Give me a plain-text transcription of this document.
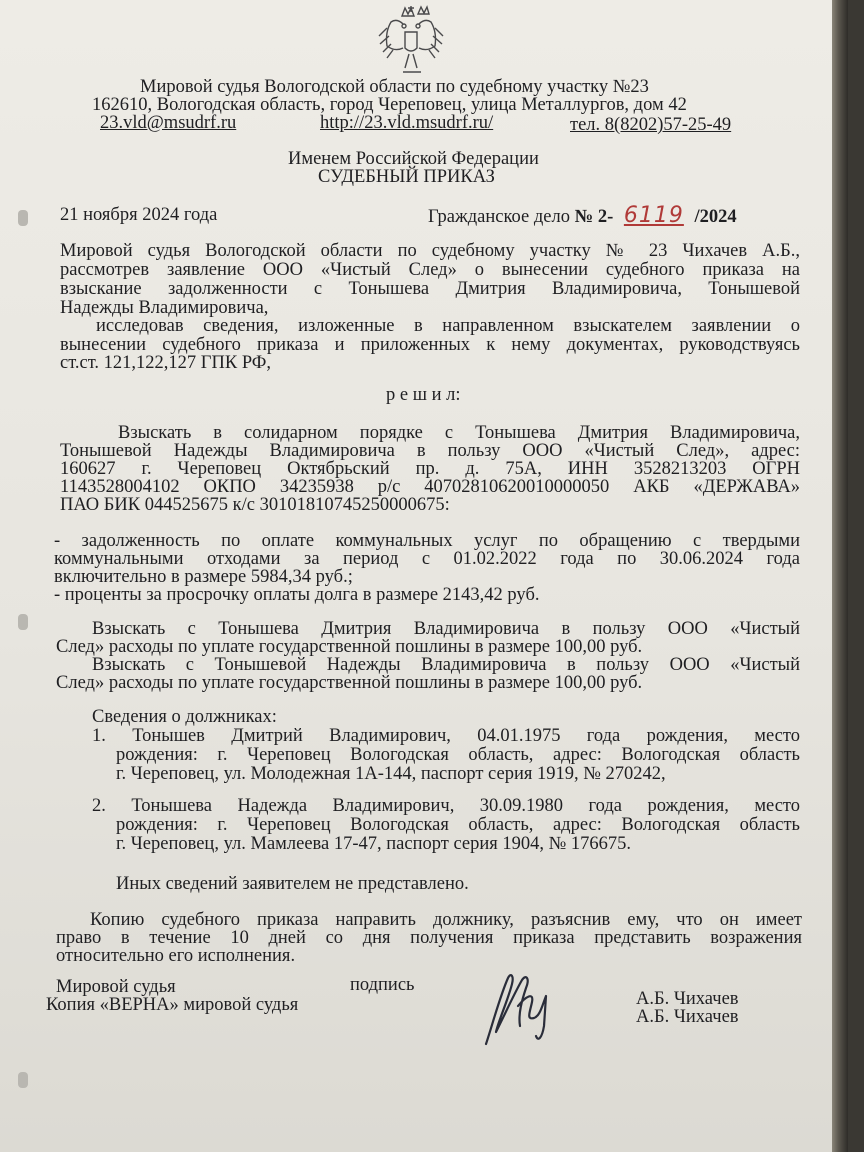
Мировой судья Вологодской области по судебному участку №23
162610, Вологодская область, город Череповец, улица Металлургов, дом 42
23.vld@msudrf.ru	http://23.vld.msudrf.ru/	тел. 8(8202)57-25-49
Именем Российской Федерации
СУДЕБНЫЙ ПРИКАЗ
21 ноября 2024 года	Гражданское дело № 2- 6119 /2024
Мировой судья Вологодской области по судебному участку № 23 Чихачев А.Б.,
рассмотрев заявление ООО «Чистый След» о вынесении судебного приказа на
взыскание задолженности с Тонышева Дмитрия Владимировича, Тонышевой
Надежды Владимировича,
исследовав сведения, изложенные в направленном взыскателем заявлении о
вынесении судебного приказа и приложенных к нему документах, руководствуясь
ст.ст. 121,122,127 ГПК РФ,
р е ш и л:
Взыскать в солидарном порядке с Тонышева Дмитрия Владимировича,
Тонышевой Надежды Владимировича в пользу ООО «Чистый След», адрес:
160627 г. Череповец Октябрьский пр. д. 75А, ИНН 3528213203 ОГРН
1143528004102 ОКПО 34235938 р/с 40702810620010000050 АКБ «ДЕРЖАВА»
ПАО БИК 044525675 к/с 30101810745250000675:
- задолженность по оплате коммунальных услуг по обращению с твердыми
коммунальными отходами за период с 01.02.2022 года по 30.06.2024 года
включительно в размере 5984,34 руб.;
- проценты за просрочку оплаты долга в размере 2143,42 руб.
Взыскать с Тонышева Дмитрия Владимировича в пользу ООО «Чистый
След» расходы по уплате государственной пошлины в размере 100,00 руб.
Взыскать с Тонышевой Надежды Владимировича в пользу ООО «Чистый
След» расходы по уплате государственной пошлины в размере 100,00 руб.
Сведения о должниках:
1. Тонышев Дмитрий Владимирович, 04.01.1975 года рождения, место
рождения: г. Череповец Вологодская область, адрес: Вологодская область
г. Череповец, ул. Молодежная 1А-144, паспорт серия 1919, № 270242,
2. Тонышева Надежда Владимирович, 30.09.1980 года рождения, место
рождения: г. Череповец Вологодская область, адрес: Вологодская область
г. Череповец, ул. Мамлеева 17-47, паспорт серия 1904, № 176675.
Иных сведений заявителем не представлено.
Копию судебного приказа направить должнику, разъяснив ему, что он имеет
право в течение 10 дней со дня получения приказа представить возражения
относительно его исполнения.
Мировой судья	подпись
Копия «ВЕРНА» мировой судья	А.Б. Чихачев
А.Б. Чихачев
